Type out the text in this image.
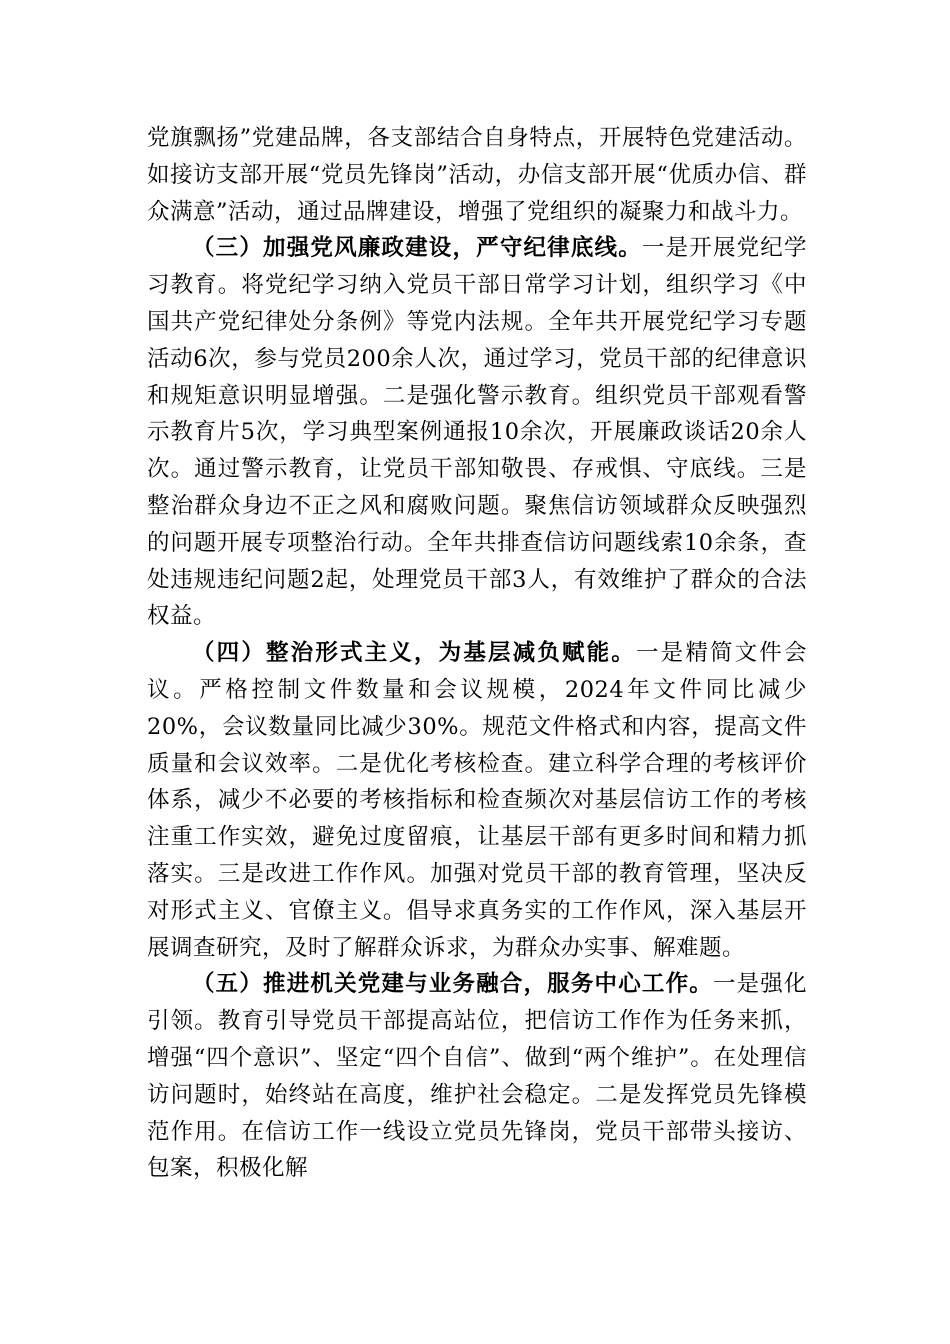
党旗飘扬”党建品牌，各支部结合自身特点，开展特色党建活动。如接访支部开展“党员先锋岗”活动，办信支部开展“优质办信、群众满意”活动，通过品牌建设，增强了党组织的凝聚力和战斗力。

（三）加强党风廉政建设，严守纪律底线。一是开展党纪学习教育。将党纪学习纳入党员干部日常学习计划，组织学习《中国共产党纪律处分条例》等党内法规。全年共开展党纪学习专题活动6次，参与党员200余人次，通过学习，党员干部的纪律意识和规矩意识明显增强。二是强化警示教育。组织党员干部观看警示教育片5次，学习典型案例通报10余次，开展廉政谈话20余人次。通过警示教育，让党员干部知敬畏、存戒惧、守底线。三是整治群众身边不正之风和腐败问题。聚焦信访领域群众反映强烈的问题开展专项整治行动。全年共排查信访问题线索10余条，查处违规违纪问题2起，处理党员干部3人，有效维护了群众的合法权益。

（四）整治形式主义，为基层减负赋能。一是精简文件会议。严格控制文件数量和会议规模，2024年文件同比减少20%，会议数量同比减少30%。规范文件格式和内容，提高文件质量和会议效率。二是优化考核检查。建立科学合理的考核评价体系，减少不必要的考核指标和检查频次对基层信访工作的考核注重工作实效，避免过度留痕，让基层干部有更多时间和精力抓落实。三是改进工作作风。加强对党员干部的教育管理，坚决反对形式主义、官僚主义。倡导求真务实的工作作风，深入基层开展调查研究，及时了解群众诉求，为群众办实事、解难题。

（五）推进机关党建与业务融合，服务中心工作。一是强化引领。教育引导党员干部提高站位，把信访工作作为任务来抓，增强“四个意识”、坚定“四个自信”、做到“两个维护”。在处理信访问题时，始终站在高度，维护社会稳定。二是发挥党员先锋模范作用。在信访工作一线设立党员先锋岗，党员干部带头接访、包案，积极化解
